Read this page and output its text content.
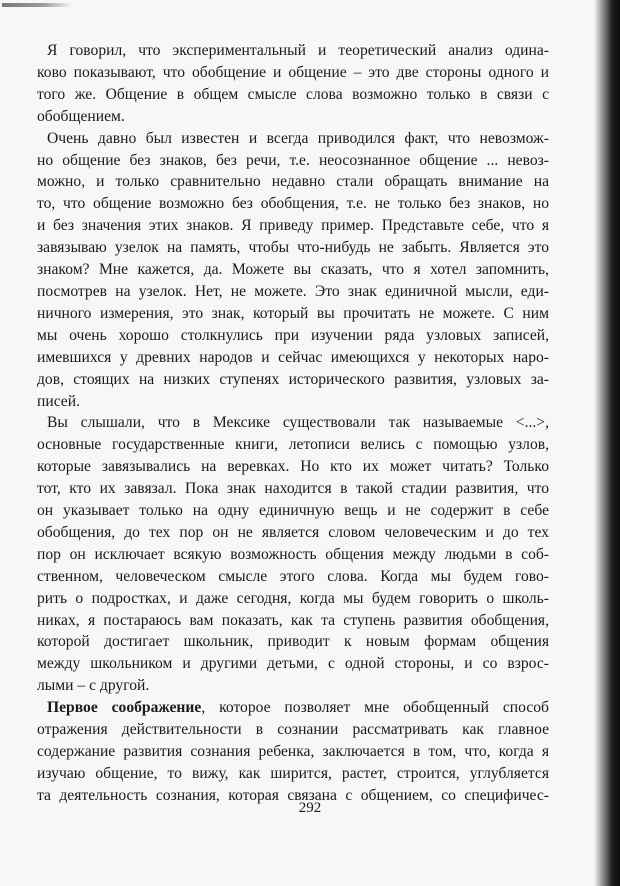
Я говорил, что экспериментальный и теоретический анализ одина-
ково показывают, что обобщение и общение – это две стороны одного и
того же. Общение в общем смысле слова возможно только в связи с
обобщением.

Очень давно был известен и всегда приводился факт, что невозмож-
но общение без знаков, без речи, т.е. неосознанное общение ... невоз-
можно, и только сравнительно недавно стали обращать внимание на
то, что общение возможно без обобщения, т.е. не только без знаков, но
и без значения этих знаков. Я приведу пример. Представьте себе, что я
завязываю узелок на память, чтобы что-нибудь не забыть. Является это
знаком? Мне кажется, да. Можете вы сказать, что я хотел запомнить,
посмотрев на узелок. Нет, не можете. Это знак единичной мысли, еди-
ничного измерения, это знак, который вы прочитать не можете. С ним
мы очень хорошо столкнулись при изучении ряда узловых записей,
имевшихся у древних народов и сейчас имеющихся у некоторых наро-
дов, стоящих на низких ступенях исторического развития, узловых за-
писей.

Вы слышали, что в Мексике существовали так называемые <...>,
основные государственные книги, летописи велись с помощью узлов,
которые завязывались на веревках. Но кто их может читать? Только
тот, кто их завязал. Пока знак находится в такой стадии развития, что
он указывает только на одну единичную вещь и не содержит в себе
обобщения, до тех пор он не является словом человеческим и до тех
пор он исключает всякую возможность общения между людьми в соб-
ственном, человеческом смысле этого слова. Когда мы будем гово-
рить о подростках, и даже сегодня, когда мы будем говорить о школь-
никах, я постараюсь вам показать, как та ступень развития обобщения,
которой достигает школьник, приводит к новым формам общения
между школьником и другими детьми, с одной стороны, и со взрос-
лыми – с другой.

Первое соображение, которое позволяет мне обобщенный способ
отражения действительности в сознании рассматривать как главное
содержание развития сознания ребенка, заключается в том, что, когда я
изучаю общение, то вижу, как ширится, растет, строится, углубляется
та деятельность сознания, которая связана с общением, со специфичес-

292
